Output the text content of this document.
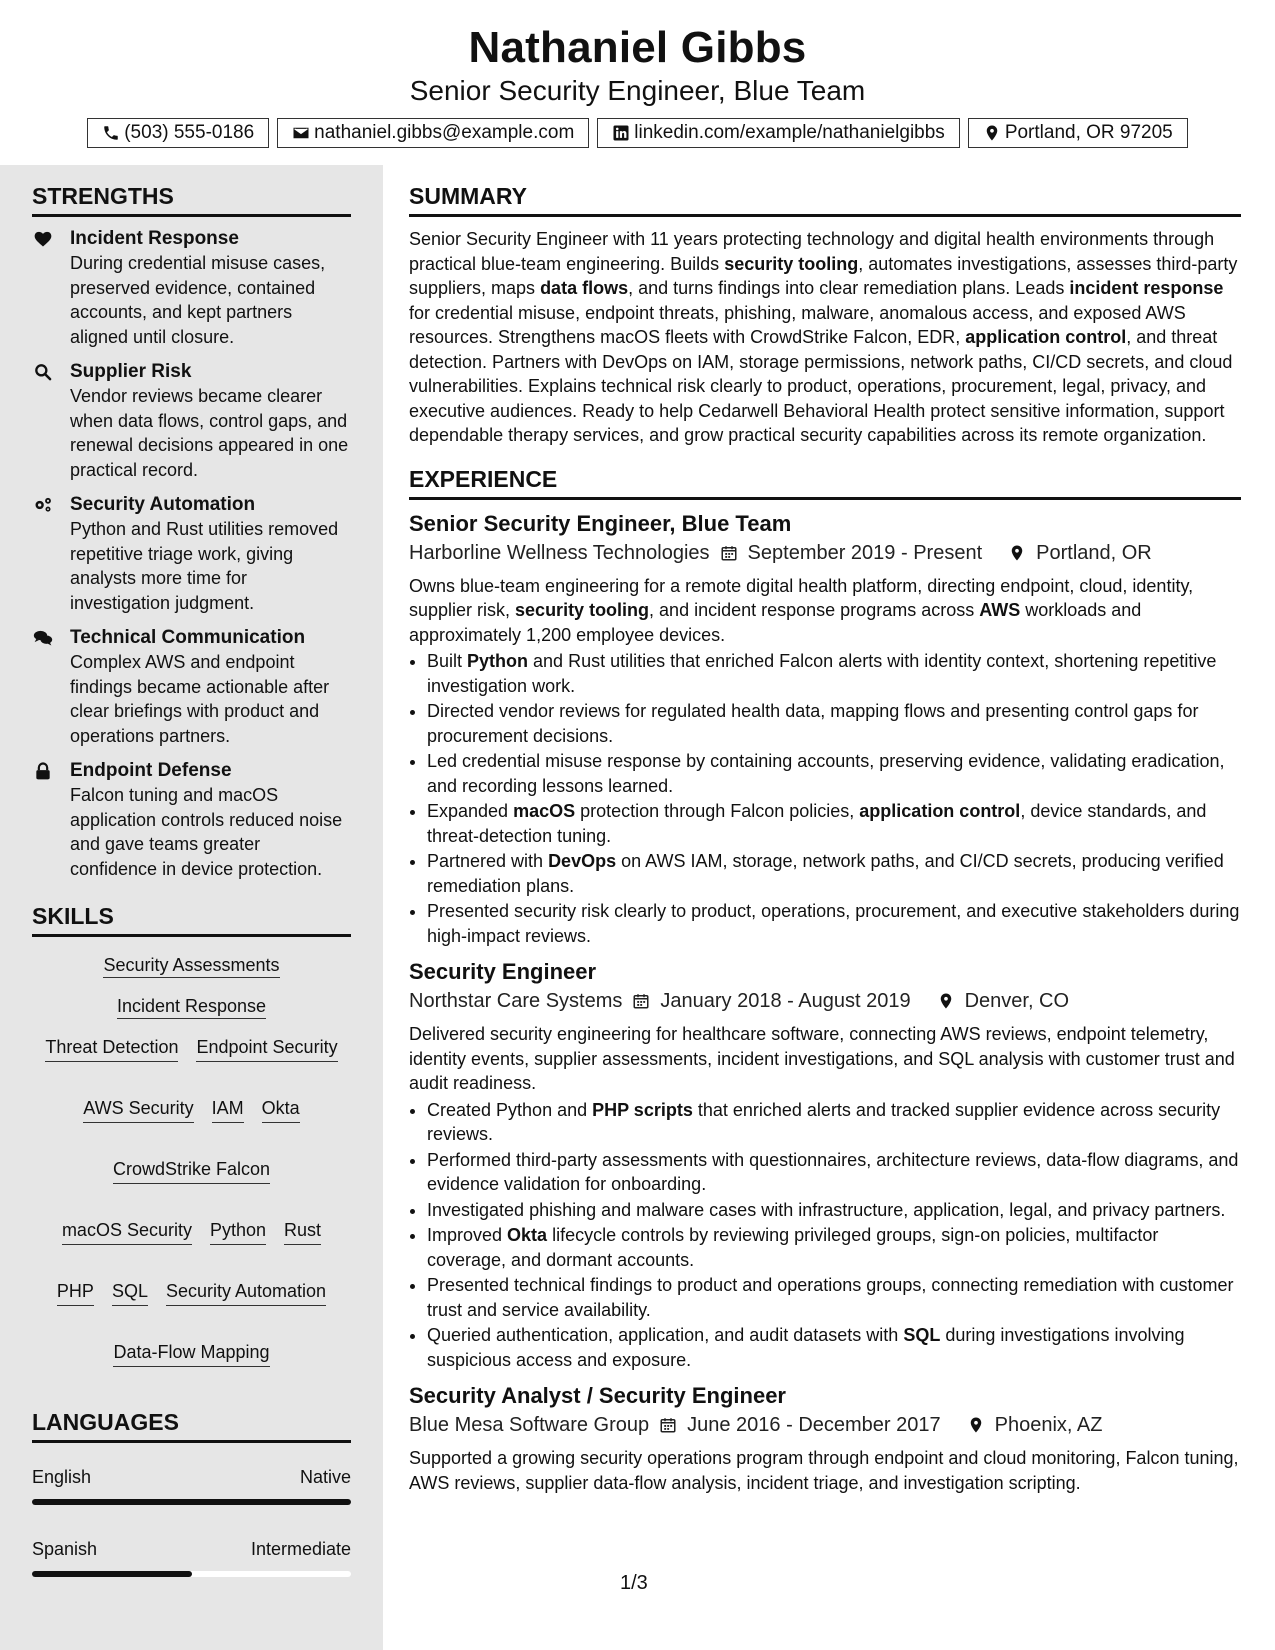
Nathaniel Gibbs
Senior Security Engineer, Blue Team
(503) 555-0186	nathaniel.gibbs@example.com	linkedin.com/example/nathanielgibbs	Portland, OR 97205
STRENGTHS
Incident Response
During credential misuse cases, preserved evidence, contained accounts, and kept partners aligned until closure.
Supplier Risk
Vendor reviews became clearer when data flows, control gaps, and renewal decisions appeared in one practical record.
Security Automation
Python and Rust utilities removed repetitive triage work, giving analysts more time for investigation judgment.
Technical Communication
Complex AWS and endpoint findings became actionable after clear briefings with product and operations partners.
Endpoint Defense
Falcon tuning and macOS application controls reduced noise and gave teams greater confidence in device protection.
SKILLS
Security Assessments
Incident Response
Threat Detection Endpoint Security
AWS Security IAM Okta
CrowdStrike Falcon
macOS Security Python Rust
PHP SQL Security Automation
Data-Flow Mapping
LANGUAGES
English	Native
Spanish	Intermediate
SUMMARY
Senior Security Engineer with 11 years protecting technology and digital health environments through practical blue-team engineering. Builds security tooling, automates investigations, assesses third-party suppliers, maps data flows, and turns findings into clear remediation plans. Leads incident response for credential misuse, endpoint threats, phishing, malware, anomalous access, and exposed AWS resources. Strengthens macOS fleets with CrowdStrike Falcon, EDR, application control, and threat detection. Partners with DevOps on IAM, storage permissions, network paths, CI/CD secrets, and cloud vulnerabilities. Explains technical risk clearly to product, operations, procurement, legal, privacy, and executive audiences. Ready to help Cedarwell Behavioral Health protect sensitive information, support dependable therapy services, and grow practical security capabilities across its remote organization.
EXPERIENCE
Senior Security Engineer, Blue Team
Harborline Wellness Technologies September 2019 - Present	Portland, OR
Owns blue-team engineering for a remote digital health platform, directing endpoint, cloud, identity, supplier risk, security tooling, and incident response programs across AWS workloads and approximately 1,200 employee devices.
• Built Python and Rust utilities that enriched Falcon alerts with identity context, shortening repetitive investigation work.
• Directed vendor reviews for regulated health data, mapping flows and presenting control gaps for procurement decisions.
• Led credential misuse response by containing accounts, preserving evidence, validating eradication, and recording lessons learned.
• Expanded macOS protection through Falcon policies, application control, device standards, and threat-detection tuning.
• Partnered with DevOps on AWS IAM, storage, network paths, and CI/CD secrets, producing verified remediation plans.
• Presented security risk clearly to product, operations, procurement, and executive stakeholders during high-impact reviews.
Security Engineer
Northstar Care Systems January 2018 - August 2019	Denver, CO
Delivered security engineering for healthcare software, connecting AWS reviews, endpoint telemetry, identity events, supplier assessments, incident investigations, and SQL analysis with customer trust and audit readiness.
• Created Python and PHP scripts that enriched alerts and tracked supplier evidence across security reviews.
• Performed third-party assessments with questionnaires, architecture reviews, data-flow diagrams, and evidence validation for onboarding.
• Investigated phishing and malware cases with infrastructure, application, legal, and privacy partners.
• Improved Okta lifecycle controls by reviewing privileged groups, sign-on policies, multifactor coverage, and dormant accounts.
• Presented technical findings to product and operations groups, connecting remediation with customer trust and service availability.
• Queried authentication, application, and audit datasets with SQL during investigations involving suspicious access and exposure.
Security Analyst / Security Engineer
Blue Mesa Software Group June 2016 - December 2017	Phoenix, AZ
Supported a growing security operations program through endpoint and cloud monitoring, Falcon tuning, AWS reviews, supplier data-flow analysis, incident triage, and investigation scripting.
1/3
